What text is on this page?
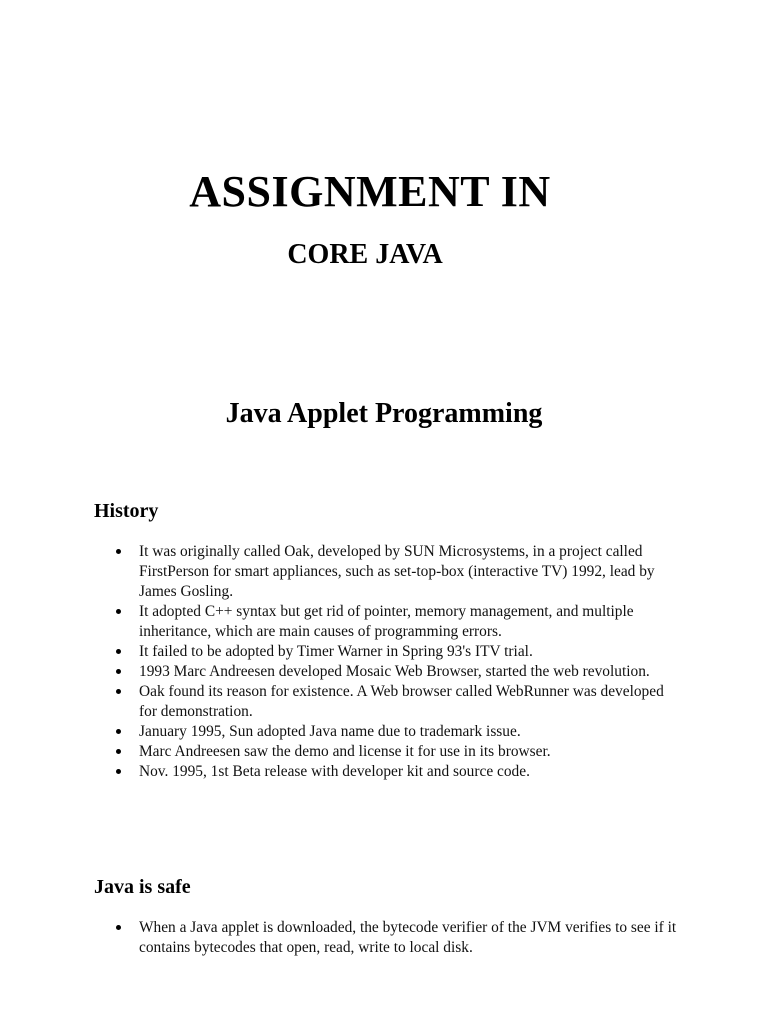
ASSIGNMENT IN
CORE JAVA
Java Applet Programming
History
It was originally called Oak, developed by SUN Microsystems, in a project called FirstPerson for smart appliances, such as set-top-box (interactive TV) 1992, lead by James Gosling.
It adopted C++ syntax but get rid of pointer, memory management, and multiple inheritance, which are main causes of programming errors.
It failed to be adopted by Timer Warner in Spring 93's ITV trial.
1993 Marc Andreesen developed Mosaic Web Browser, started the web revolution.
Oak found its reason for existence. A Web browser called WebRunner was developed for demonstration.
January 1995, Sun adopted Java name due to trademark issue.
Marc Andreesen saw the demo and license it for use in its browser.
Nov. 1995, 1st Beta release with developer kit and source code.
Java is safe
When a Java applet is downloaded, the bytecode verifier of the JVM verifies to see if it contains bytecodes that open, read, write to local disk.
